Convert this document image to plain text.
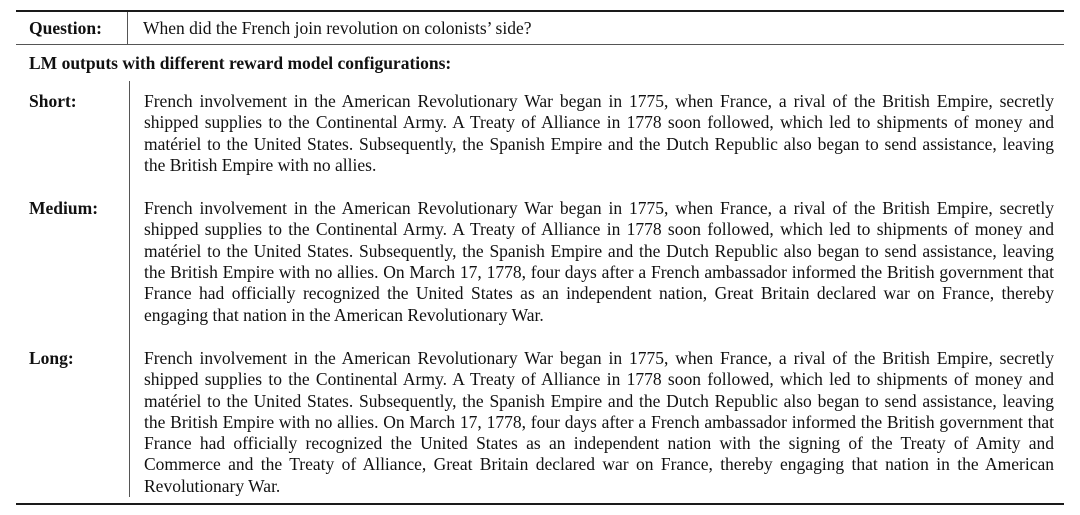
Question:	When did the French join revolution on colonists’ side?
LM outputs with different reward model configurations:
Short:	French involvement in the American Revolutionary War began in 1775, when France, a rival of the British Empire, secretly shipped supplies to the Continental Army. A Treaty of Alliance in 1778 soon followed, which led to shipments of money and matériel to the United States. Subsequently, the Spanish Empire and the Dutch Republic also began to send assistance, leaving the British Empire with no allies.
Medium:	French involvement in the American Revolutionary War began in 1775, when France, a rival of the British Empire, secretly shipped supplies to the Continental Army. A Treaty of Alliance in 1778 soon followed, which led to shipments of money and matériel to the United States. Subsequently, the Spanish Empire and the Dutch Republic also began to send assistance, leaving the British Empire with no allies. On March 17, 1778, four days after a French ambassador informed the British government that France had officially recognized the United States as an independent nation, Great Britain declared war on France, thereby engaging that nation in the American Revolutionary War.
Long:	French involvement in the American Revolutionary War began in 1775, when France, a rival of the British Empire, secretly shipped supplies to the Continental Army. A Treaty of Alliance in 1778 soon followed, which led to shipments of money and matériel to the United States. Subsequently, the Spanish Empire and the Dutch Republic also began to send assistance, leaving the British Empire with no allies. On March 17, 1778, four days after a French ambassador informed the British government that France had officially recognized the United States as an independent nation with the signing of the Treaty of Amity and Commerce and the Treaty of Alliance, Great Britain declared war on France, thereby engaging that nation in the American Revolutionary War.
